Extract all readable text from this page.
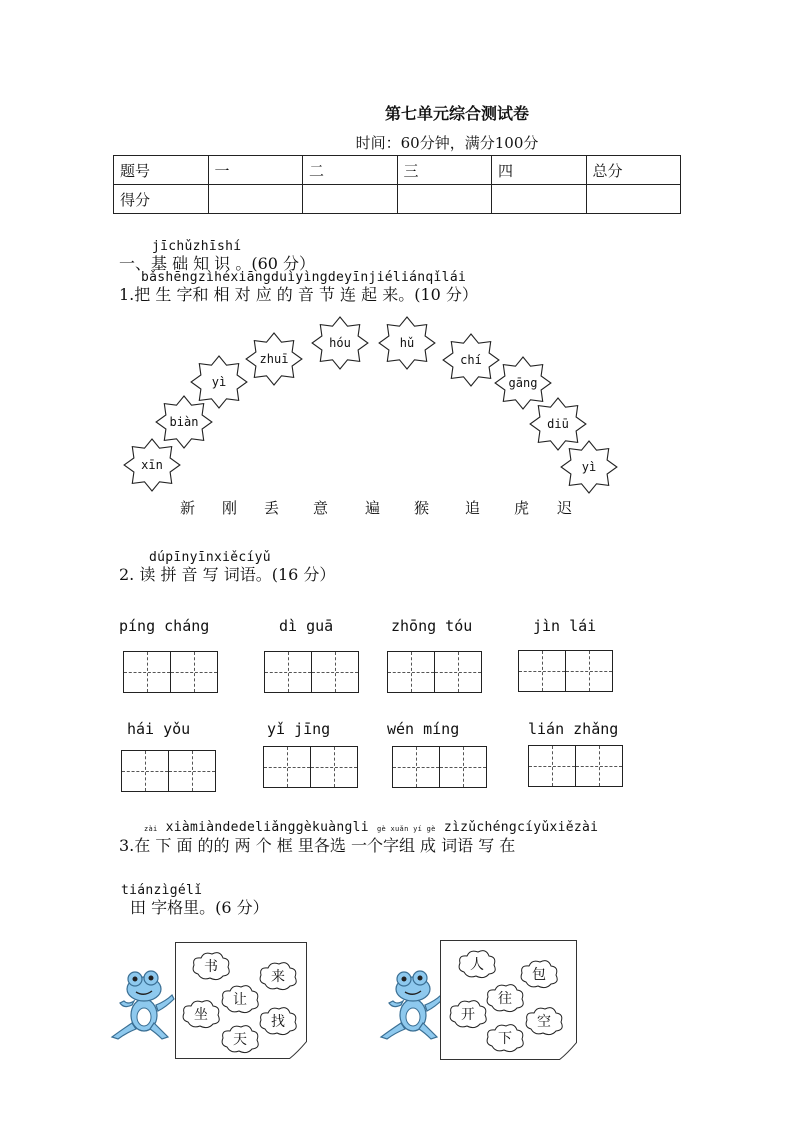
第七单元综合测试卷
时间：60分钟，满分100分
题号	一	二	三	四	总分
得分					
jīchǔzhīshí
一、基 础 知 识 。(60 分）
bǎshēngzìhéxiāngduìyìngdeyīnjiéliánqǐlái
1.把 生 字和 相 对 应 的 音 节 连 起 来。(10 分）
xīn
biàn
yì
zhuī
hóu	hǔ
chí
gāng
diū
yì
新 刚 丢 意 遍 猴 追 虎 迟
dúpīnyīnxiěcíyǔ
2. 读 拼 音 写 词语。(16 分）
píng cháng	dì guā	zhōng tóu	jìn lái
hái yǒu	yǐ jīng	wén míng	lián zhǎng
zài xiàmiàndedeliǎnggèkuàngli gè xuǎn yí gè zìzǔchéngcíyǔxiězài
3.在 下 面 的的 两 个 框 里各选 一个字组 成 词语 写 在
tiánzìgélǐ
田 字格里。(6 分）
书
来
让
坐	找
天
人
包
往
开	空
下
